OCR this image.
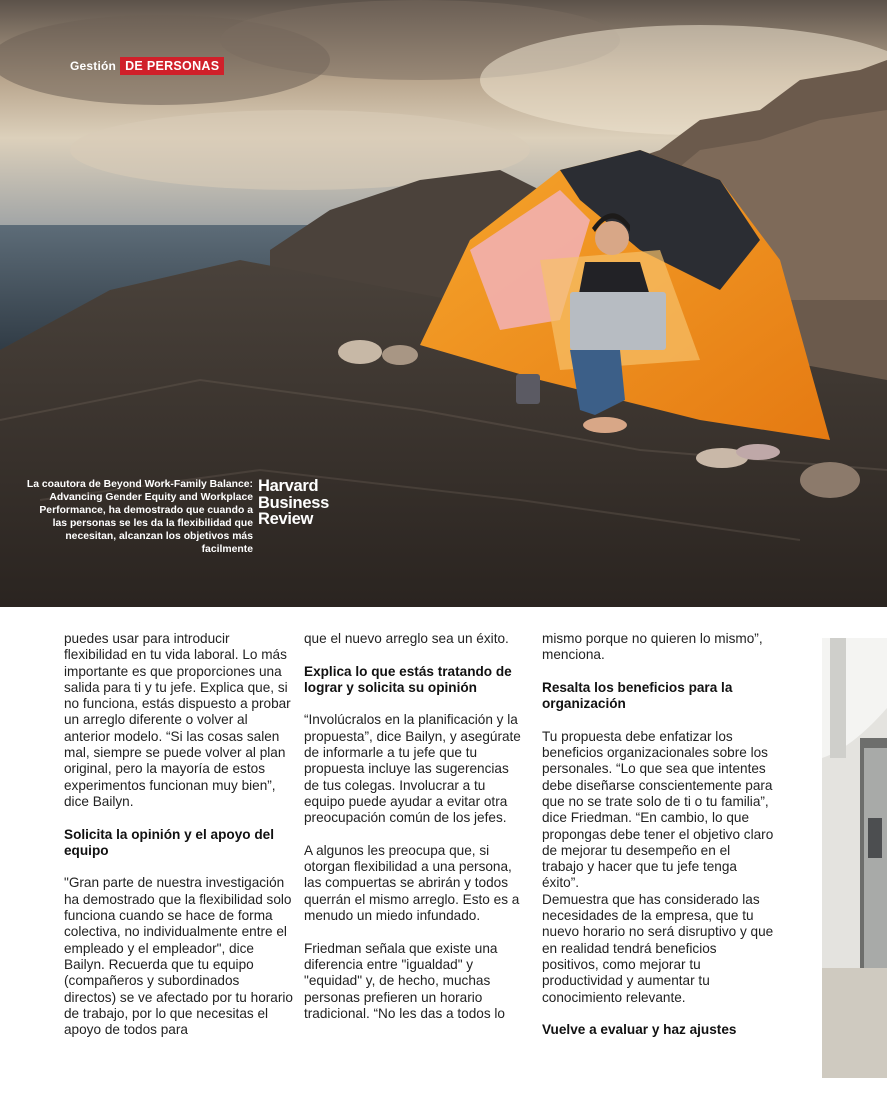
Gestión DE PERSONAS
La coautora de Beyond Work-Family Balance: Advancing Gender Equity and Workplace Performance, ha demostrado que cuando a las personas se les da la flexibilidad que necesitan, alcanzan los objetivos más facilmente
Harvard
Business
Review

puedes usar para introducir flexibilidad en tu vida laboral. Lo más importante es que proporciones una salida para ti y tu jefe. Explica que, si no funciona, estás dispuesto a probar un arreglo diferente o volver al anterior modelo. “Si las cosas salen mal, siempre se puede volver al plan original, pero la mayoría de estos experimentos funcionan muy bien”, dice Bailyn.

Solicita la opinión y el apoyo del equipo

"Gran parte de nuestra investigación ha demostrado que la flexibilidad solo funciona cuando se hace de forma colectiva, no individualmente entre el empleado y el empleador", dice Bailyn. Recuerda que tu equipo (compañeros y subordinados directos) se ve afectado por tu horario de trabajo, por lo que necesitas el apoyo de todos para

que el nuevo arreglo sea un éxito.

Explica lo que estás tratando de lograr y solicita su opinión

“Involúcralos en la planificación y la propuesta”, dice Bailyn, y asegúrate de informarle a tu jefe que tu propuesta incluye las sugerencias de tus colegas. Involucrar a tu equipo puede ayudar a evitar otra preocupación común de los jefes.

A algunos les preocupa que, si otorgan flexibilidad a una persona, las compuertas se abrirán y todos querrán el mismo arreglo. Esto es a menudo un miedo infundado.

Friedman señala que existe una diferencia entre "igualdad" y "equidad" y, de hecho, muchas personas prefieren un horario tradicional. “No les das a todos lo

mismo porque no quieren lo mismo”, menciona.

Resalta los beneficios para la organización

Tu propuesta debe enfatizar los beneficios organizacionales sobre los personales. “Lo que sea que intentes debe diseñarse conscientemente para que no se trate solo de ti o tu familia”, dice Friedman. “En cambio, lo que propongas debe tener el objetivo claro de mejorar tu desempeño en el trabajo y hacer que tu jefe tenga éxito”.

Demuestra que has considerado las necesidades de la empresa, que tu nuevo horario no será disruptivo y que en realidad tendrá beneficios positivos, como mejorar tu productividad y aumentar tu conocimiento relevante.

Vuelve a evaluar y haz ajustes
